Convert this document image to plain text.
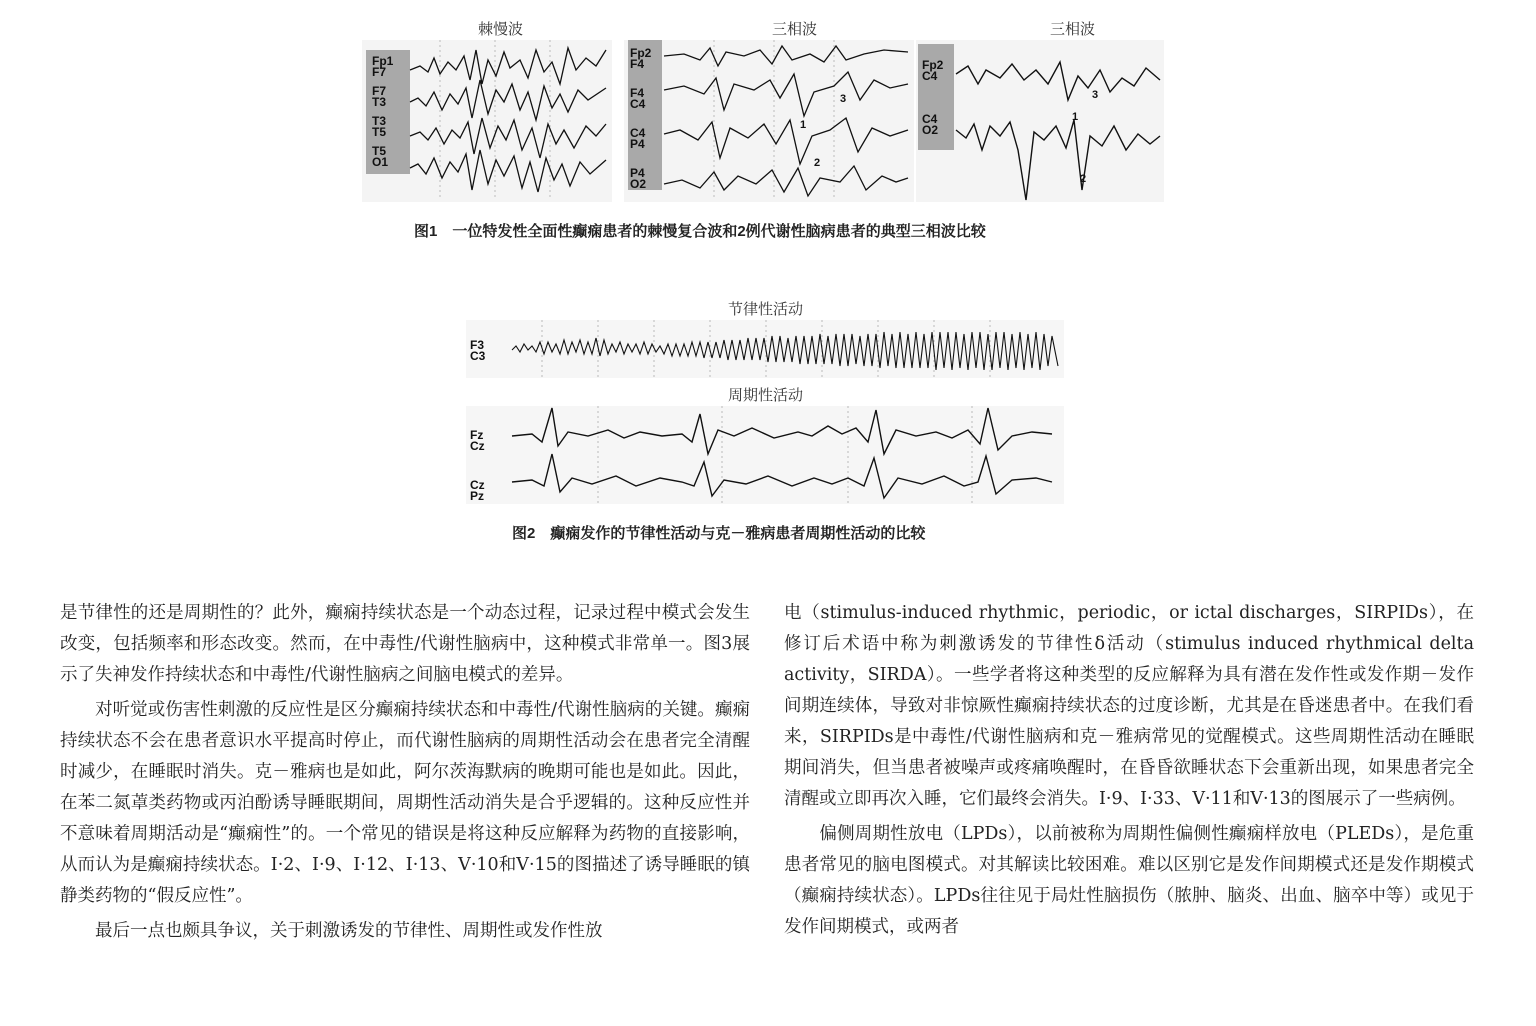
棘慢波
Fp1
F7
F7
T3
T3
T5
T5
O1
三相波
Fp2
F4
F4
C4
C4
P4
P4
O2
1
2
3
三相波
Fp2
C4
C4
O2
1
2
3
图1　一位特发性全面性癫痫患者的棘慢复合波和2例代谢性脑病患者的典型三相波比较
节律性活动
F3
C3
周期性活动
Fz
Cz
Cz
Pz
图2　癫痫发作的节律性活动与克－雅病患者周期性活动的比较

是节律性的还是周期性的？此外，癫痫持续状态是一个动态过程，记录过程中模式会发生改变，包括频率和形态改变。然而，在中毒性/代谢性脑病中，这种模式非常单一。图3展示了失神发作持续状态和中毒性/代谢性脑病之间脑电模式的差异。

　　对听觉或伤害性刺激的反应性是区分癫痫持续状态和中毒性/代谢性脑病的关键。癫痫持续状态不会在患者意识水平提高时停止，而代谢性脑病的周期性活动会在患者完全清醒时减少，在睡眠时消失。克－雅病也是如此，阿尔茨海默病的晚期可能也是如此。因此，在苯二氮䓬类药物或丙泊酚诱导睡眠期间，周期性活动消失是合乎逻辑的。这种反应性并不意味着周期活动是“癫痫性”的。一个常见的错误是将这种反应解释为药物的直接影响，从而认为是癫痫持续状态。Ⅰ·2、Ⅰ·9、Ⅰ·12、Ⅰ·13、Ⅴ·10和Ⅴ·15的图描述了诱导睡眠的镇静类药物的“假反应性”。

　　最后一点也颇具争议，关于刺激诱发的节律性、周期性或发作性放

电（stimulus-induced rhythmic，periodic，or ictal discharges，SIRPIDs），在修订后术语中称为刺激诱发的节律性δ活动（stimulus induced rhythmical delta activity，SIRDA）。一些学者将这种类型的反应解释为具有潜在发作性或发作期－发作间期连续体，导致对非惊厥性癫痫持续状态的过度诊断，尤其是在昏迷患者中。在我们看来，SIRPIDs是中毒性/代谢性脑病和克－雅病常见的觉醒模式。这些周期性活动在睡眠期间消失，但当患者被噪声或疼痛唤醒时，在昏昏欲睡状态下会重新出现，如果患者完全清醒或立即再次入睡，它们最终会消失。Ⅰ·9、Ⅰ·33、Ⅴ·11和Ⅴ·13的图展示了一些病例。

　　偏侧周期性放电（LPDs），以前被称为周期性偏侧性癫痫样放电（PLEDs），是危重患者常见的脑电图模式。对其解读比较困难。难以区别它是发作间期模式还是发作期模式（癫痫持续状态）。LPDs往往见于局灶性脑损伤（脓肿、脑炎、出血、脑卒中等）或见于发作间期模式，或两者
